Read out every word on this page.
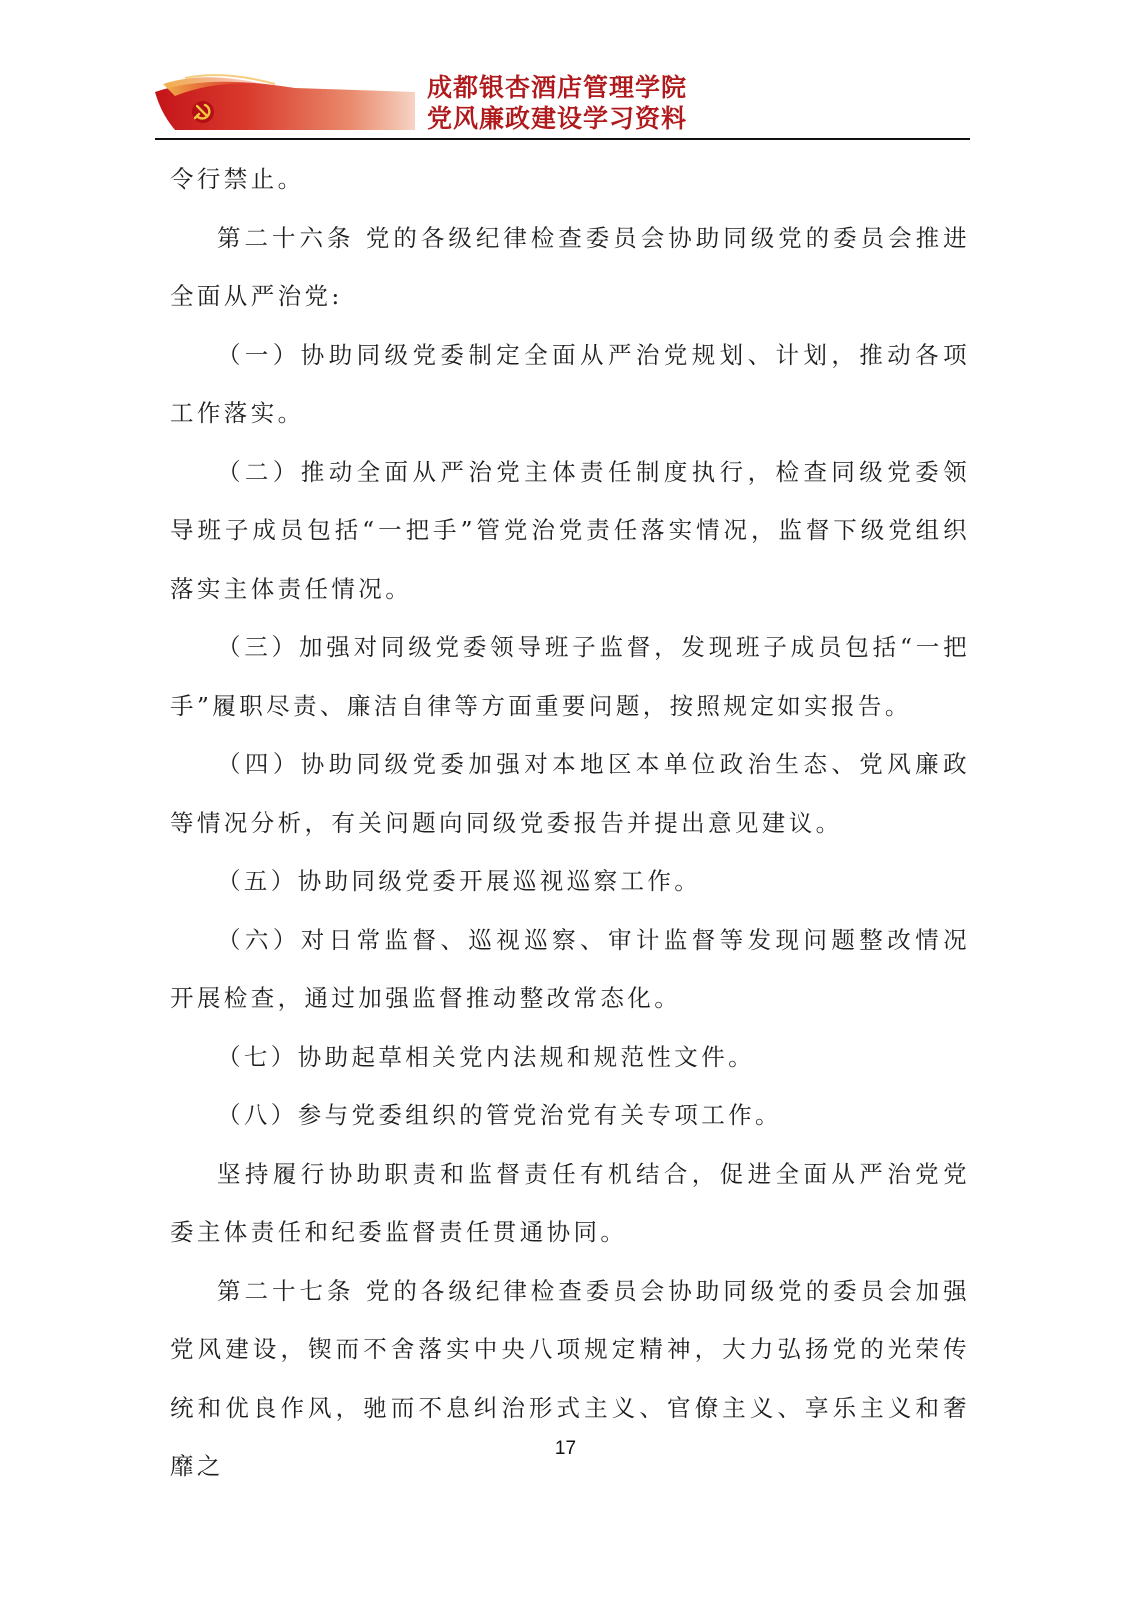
成都银杏酒店管理学院
党风廉政建设学习资料

令行禁止。

第二十六条 党的各级纪律检查委员会协助同级党的委员会推进全面从严治党:

（一）协助同级党委制定全面从严治党规划、计划，推动各项工作落实。

（二）推动全面从严治党主体责任制度执行，检查同级党委领导班子成员包括“一把手”管党治党责任落实情况，监督下级党组织落实主体责任情况。

（三）加强对同级党委领导班子监督，发现班子成员包括“一把手”履职尽责、廉洁自律等方面重要问题，按照规定如实报告。

（四）协助同级党委加强对本地区本单位政治生态、党风廉政等情况分析，有关问题向同级党委报告并提出意见建议。

（五）协助同级党委开展巡视巡察工作。

（六）对日常监督、巡视巡察、审计监督等发现问题整改情况开展检查，通过加强监督推动整改常态化。

（七）协助起草相关党内法规和规范性文件。

（八）参与党委组织的管党治党有关专项工作。

坚持履行协助职责和监督责任有机结合，促进全面从严治党党委主体责任和纪委监督责任贯通协同。

第二十七条 党的各级纪律检查委员会协助同级党的委员会加强党风建设，锲而不舍落实中央八项规定精神，大力弘扬党的光荣传统和优良作风，驰而不息纠治形式主义、官僚主义、享乐主义和奢靡之

17
